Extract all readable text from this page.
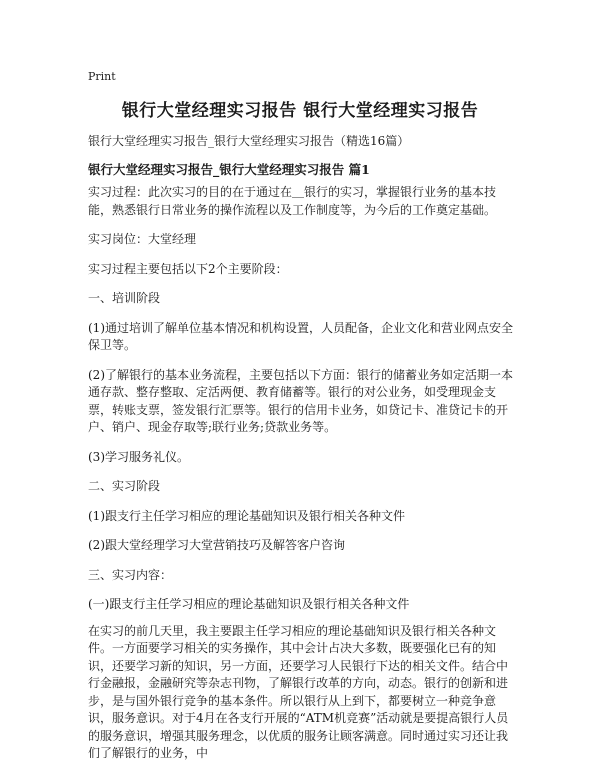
Print
银行大堂经理实习报告 银行大堂经理实习报告
银行大堂经理实习报告_银行大堂经理实习报告（精选16篇）
银行大堂经理实习报告_银行大堂经理实习报告 篇1

实习过程：此次实习的目的在于通过在＿银行的实习，掌握银行业务的基本技能，熟悉银行日常业务的操作流程以及工作制度等，为今后的工作奠定基础。

实习岗位：大堂经理

实习过程主要包括以下2个主要阶段：

一、培训阶段

(1)通过培训了解单位基本情况和机构设置，人员配备，企业文化和营业网点安全保卫等。

(2)了解银行的基本业务流程，主要包括以下方面：银行的储蓄业务如定活期一本通存款、整存整取、定活两便、教育储蓄等。银行的对公业务，如受理现金支票，转账支票，签发银行汇票等。银行的信用卡业务，如贷记卡、准贷记卡的开户、销户、现金存取等;联行业务;贷款业务等。

(3)学习服务礼仪。

二、实习阶段

(1)跟支行主任学习相应的理论基础知识及银行相关各种文件

(2)跟大堂经理学习大堂营销技巧及解答客户咨询

三、实习内容：

(一)跟支行主任学习相应的理论基础知识及银行相关各种文件

在实习的前几天里，我主要跟主任学习相应的理论基础知识及银行相关各种文件。一方面要学习相关的实务操作，其中会计占决大多数，既要强化已有的知识，还要学习新的知识，另一方面，还要学习人民银行下达的相关文件。结合中行金融报，金融研究等杂志刊物，了解银行改革的方向，动态。银行的创新和进步，是与国外银行竞争的基本条件。所以银行从上到下，都要树立一种竞争意识，服务意识。对于4月在各支行开展的“ATM机竞赛”活动就是要提高银行人员的服务意识，增强其服务理念，以优质的服务让顾客满意。同时通过实习还让我们了解银行的业务，中
